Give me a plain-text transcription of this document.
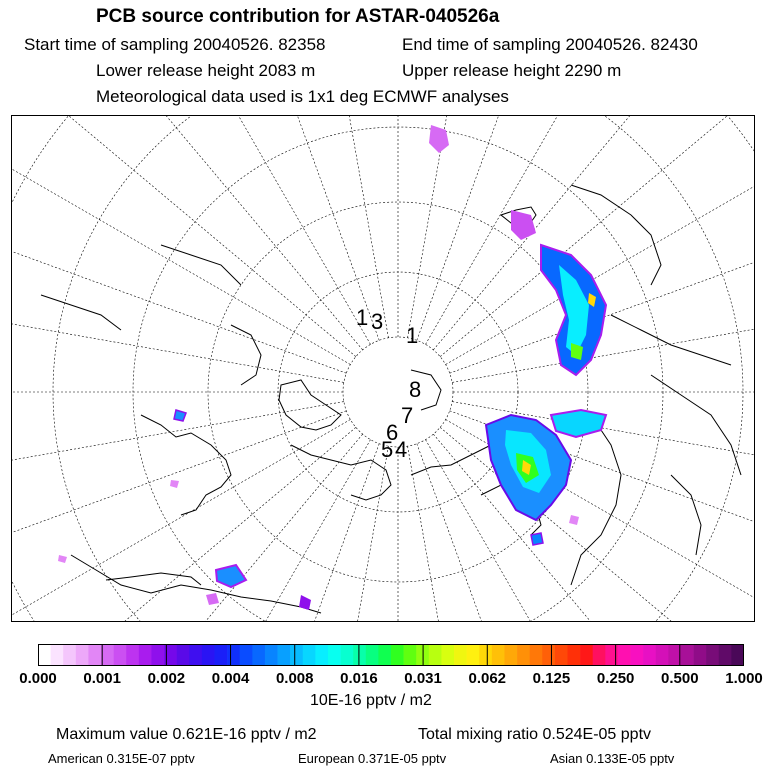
PCB source contribution for ASTAR-040526a
Start time of sampling 20040526. 82358	End time of sampling 20040526. 82430
Lower release height 2083 m	Upper release height 2290 m
Meteorological data used is 1x1 deg ECMWF analyses
1
8
7
5 4
6
1
3
0.000 0.001 0.002 0.004 0.008 0.016 0.031 0.062 0.125 0.250 0.500 1.000
10E-16 pptv / m2
Maximum value 0.621E-16 pptv / m2	Total mixing ratio 0.524E-05 pptv
American 0.315E-07 pptv	European 0.371E-05 pptv	Asian 0.133E-05 pptv
